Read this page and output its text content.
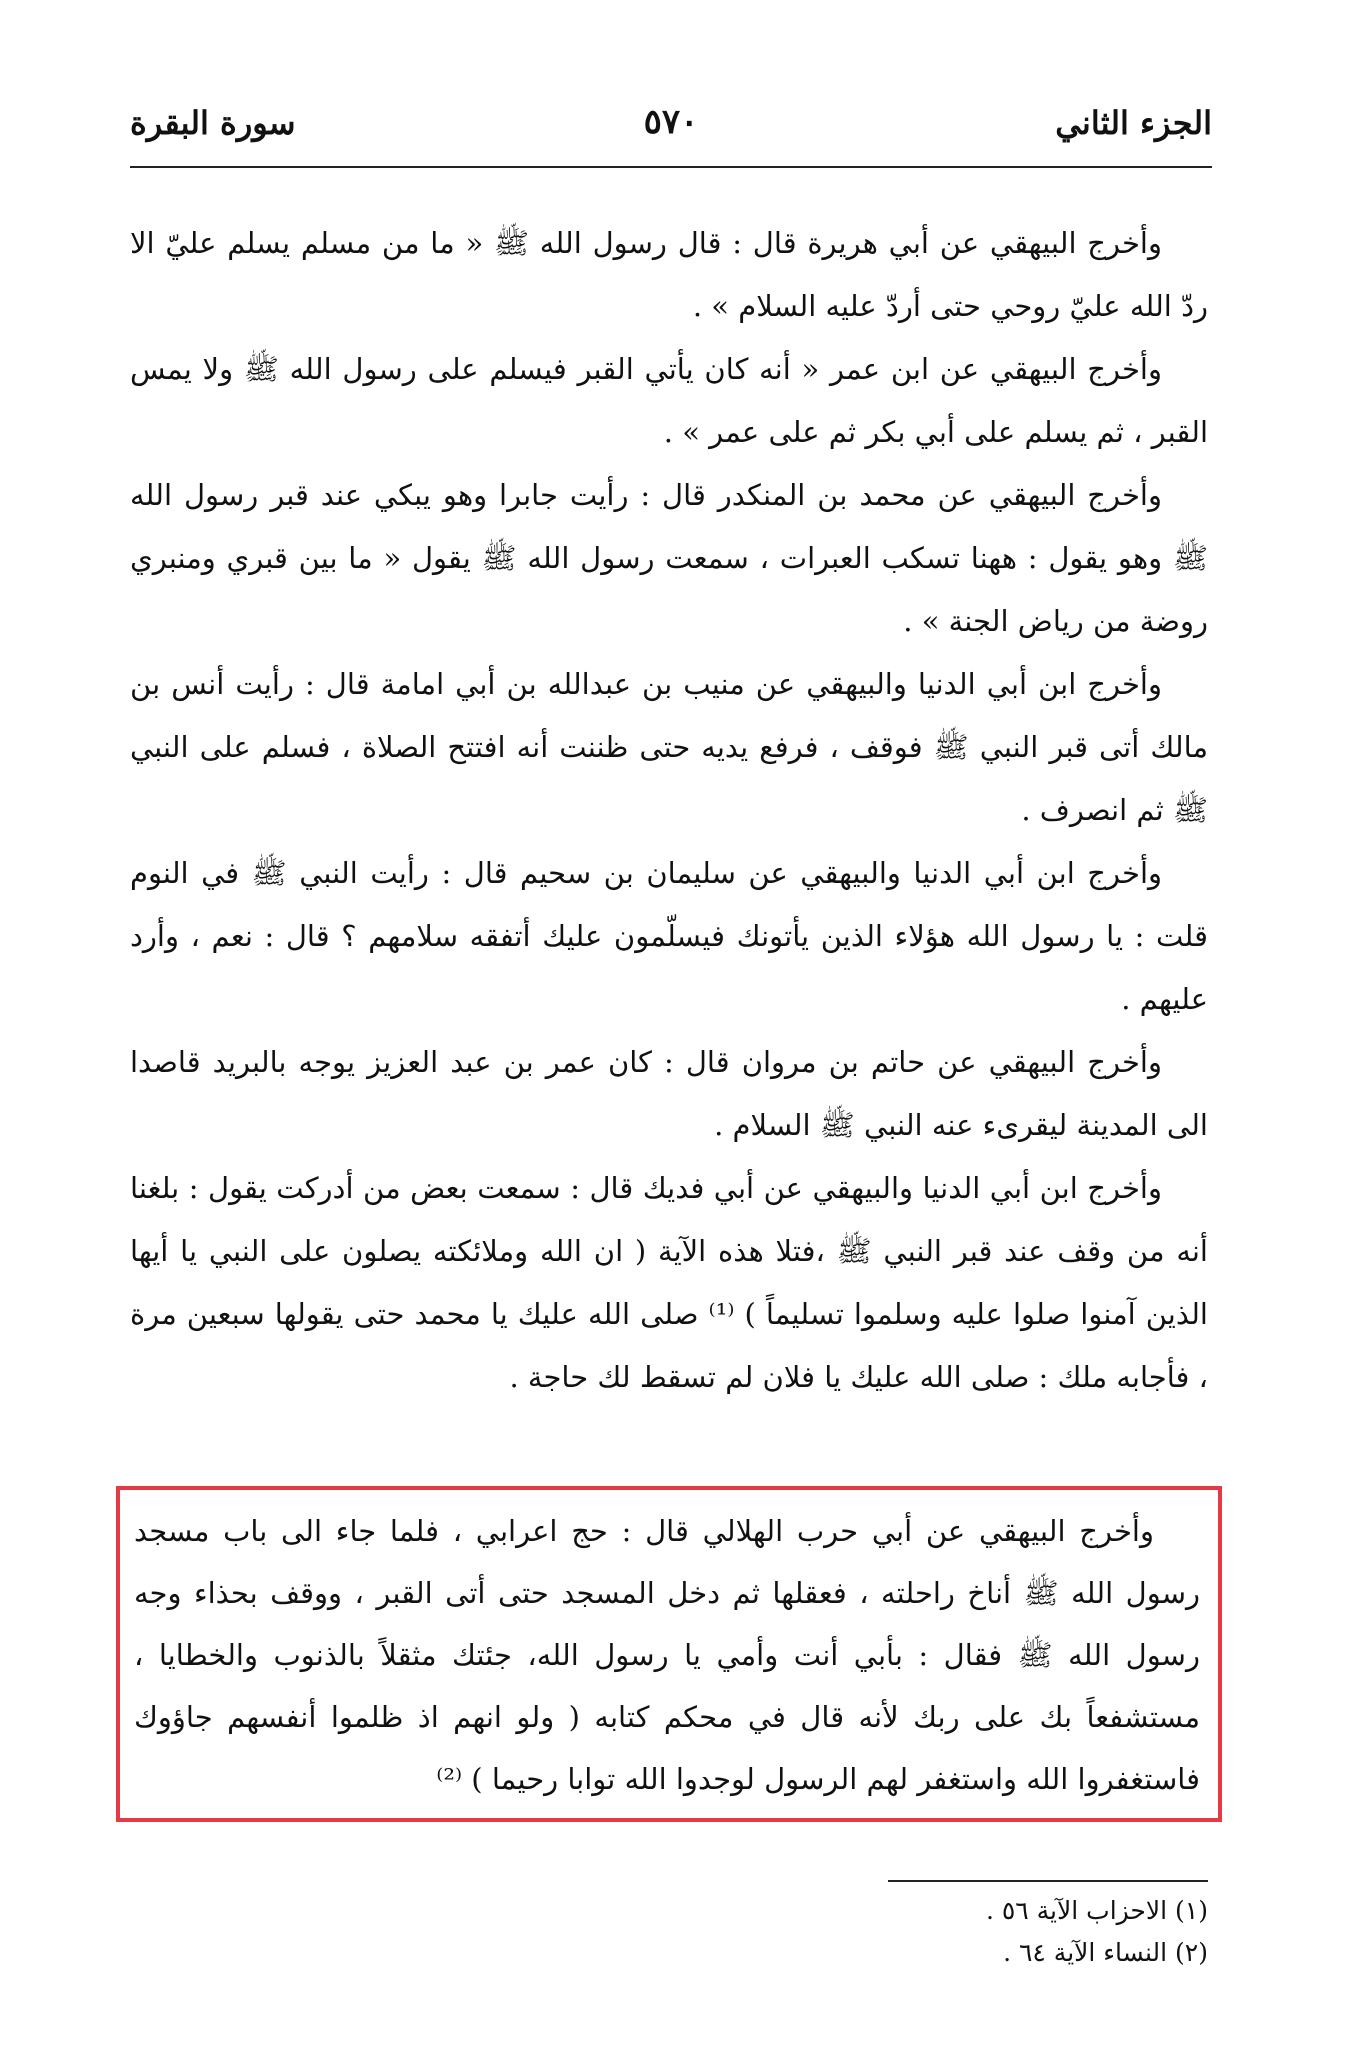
الجزء الثاني
٥٧٠
سورة البقرة

وأخرج البيهقي عن أبي هريرة قال : قال رسول الله ﷺ « ما من مسلم يسلم عليّ الا ردّ الله عليّ روحي حتى أردّ عليه السلام » .

وأخرج البيهقي عن ابن عمر « أنه كان يأتي القبر فيسلم على رسول الله ﷺ ولا يمس القبر ، ثم يسلم على أبي بكر ثم على عمر » .

وأخرج البيهقي عن محمد بن المنكدر قال : رأيت جابرا وهو يبكي عند قبر رسول الله ﷺ وهو يقول : ههنا تسكب العبرات ، سمعت رسول الله ﷺ يقول « ما بين قبري ومنبري روضة من رياض الجنة » .

وأخرج ابن أبي الدنيا والبيهقي عن منيب بن عبدالله بن أبي امامة قال : رأيت أنس بن مالك أتى قبر النبي ﷺ فوقف ، فرفع يديه حتى ظننت أنه افتتح الصلاة ، فسلم على النبي ﷺ ثم انصرف .

وأخرج ابن أبي الدنيا والبيهقي عن سليمان بن سحيم قال : رأيت النبي ﷺ في النوم قلت : يا رسول الله هؤلاء الذين يأتونك فيسلّمون عليك أتفقه سلامهم ؟ قال : نعم ، وأرد عليهم .

وأخرج البيهقي عن حاتم بن مروان قال : كان عمر بن عبد العزيز يوجه بالبريد قاصدا الى المدينة ليقرىء عنه النبي ﷺ السلام .

وأخرج ابن أبي الدنيا والبيهقي عن أبي فديك قال : سمعت بعض من أدركت يقول : بلغنا أنه من وقف عند قبر النبي ﷺ ،فتلا هذه الآية ( ان الله وملائكته يصلون على النبي يا أيها الذين آمنوا صلوا عليه وسلموا تسليماً ) ⁽¹⁾ صلى الله عليك يا محمد حتى يقولها سبعين مرة ، فأجابه ملك : صلى الله عليك يا فلان لم تسقط لك حاجة .

وأخرج البيهقي عن أبي حرب الهلالي قال : حج اعرابي ، فلما جاء الى باب مسجد رسول الله ﷺ أناخ راحلته ، فعقلها ثم دخل المسجد حتى أتى القبر ، ووقف بحذاء وجه رسول الله ﷺ فقال : بأبي أنت وأمي يا رسول الله، جئتك مثقلاً بالذنوب والخطايا ، مستشفعاً بك على ربك لأنه قال في محكم كتابه ( ولو انهم اذ ظلموا أنفسهم جاؤوك فاستغفروا الله واستغفر لهم الرسول لوجدوا الله توابا رحيما ) ⁽²⁾

(١) الاحزاب الآية ٥٦ .

(٢) النساء الآية ٦٤ .
